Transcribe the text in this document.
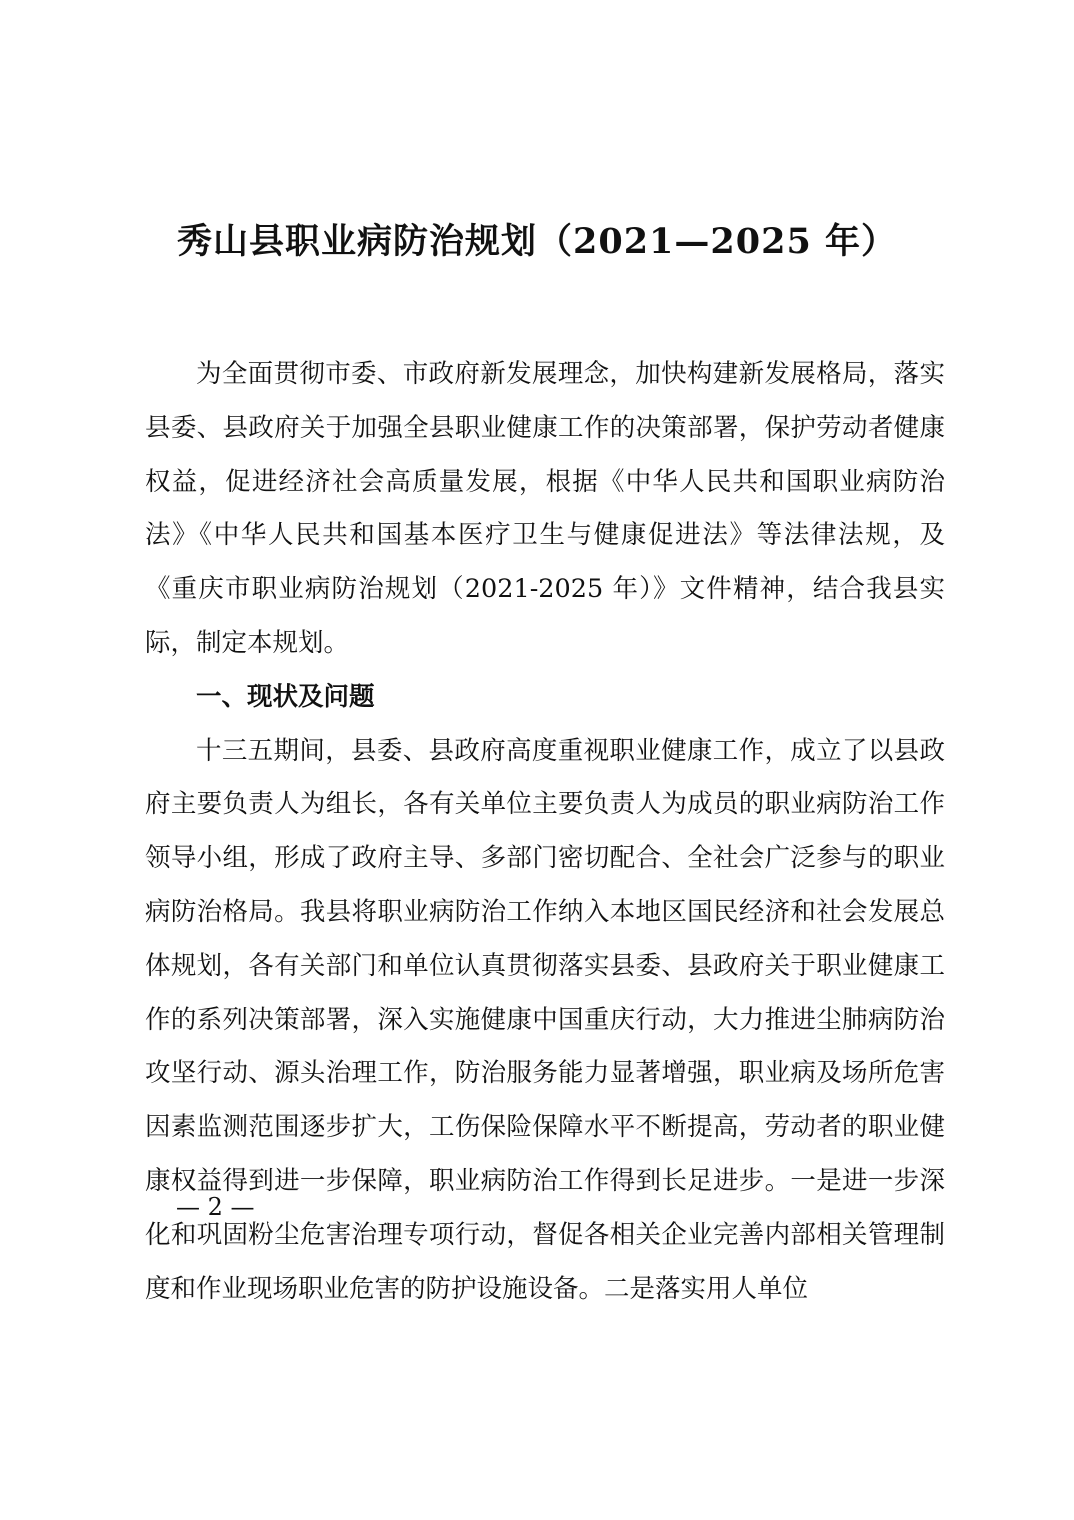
秀山县职业病防治规划（2021—2025 年）

为全面贯彻市委、市政府新发展理念，加快构建新发展格局，落实县委、县政府关于加强全县职业健康工作的决策部署，保护劳动者健康权益，促进经济社会高质量发展，根据《中华人民共和国职业病防治法》《中华人民共和国基本医疗卫生与健康促进法》等法律法规，及《重庆市职业病防治规划（2021-2025 年）》文件精神，结合我县实际，制定本规划。

一、现状及问题

十三五期间，县委、县政府高度重视职业健康工作，成立了以县政府主要负责人为组长，各有关单位主要负责人为成员的职业病防治工作领导小组，形成了政府主导、多部门密切配合、全社会广泛参与的职业病防治格局。我县将职业病防治工作纳入本地区国民经济和社会发展总体规划，各有关部门和单位认真贯彻落实县委、县政府关于职业健康工作的系列决策部署，深入实施健康中国重庆行动，大力推进尘肺病防治攻坚行动、源头治理工作，防治服务能力显著增强，职业病及场所危害因素监测范围逐步扩大，工伤保险保障水平不断提高，劳动者的职业健康权益得到进一步保障，职业病防治工作得到长足进步。一是进一步深化和巩固粉尘危害治理专项行动，督促各相关企业完善内部相关管理制度和作业现场职业危害的防护设施设备。二是落实用人单位

— 2 —
